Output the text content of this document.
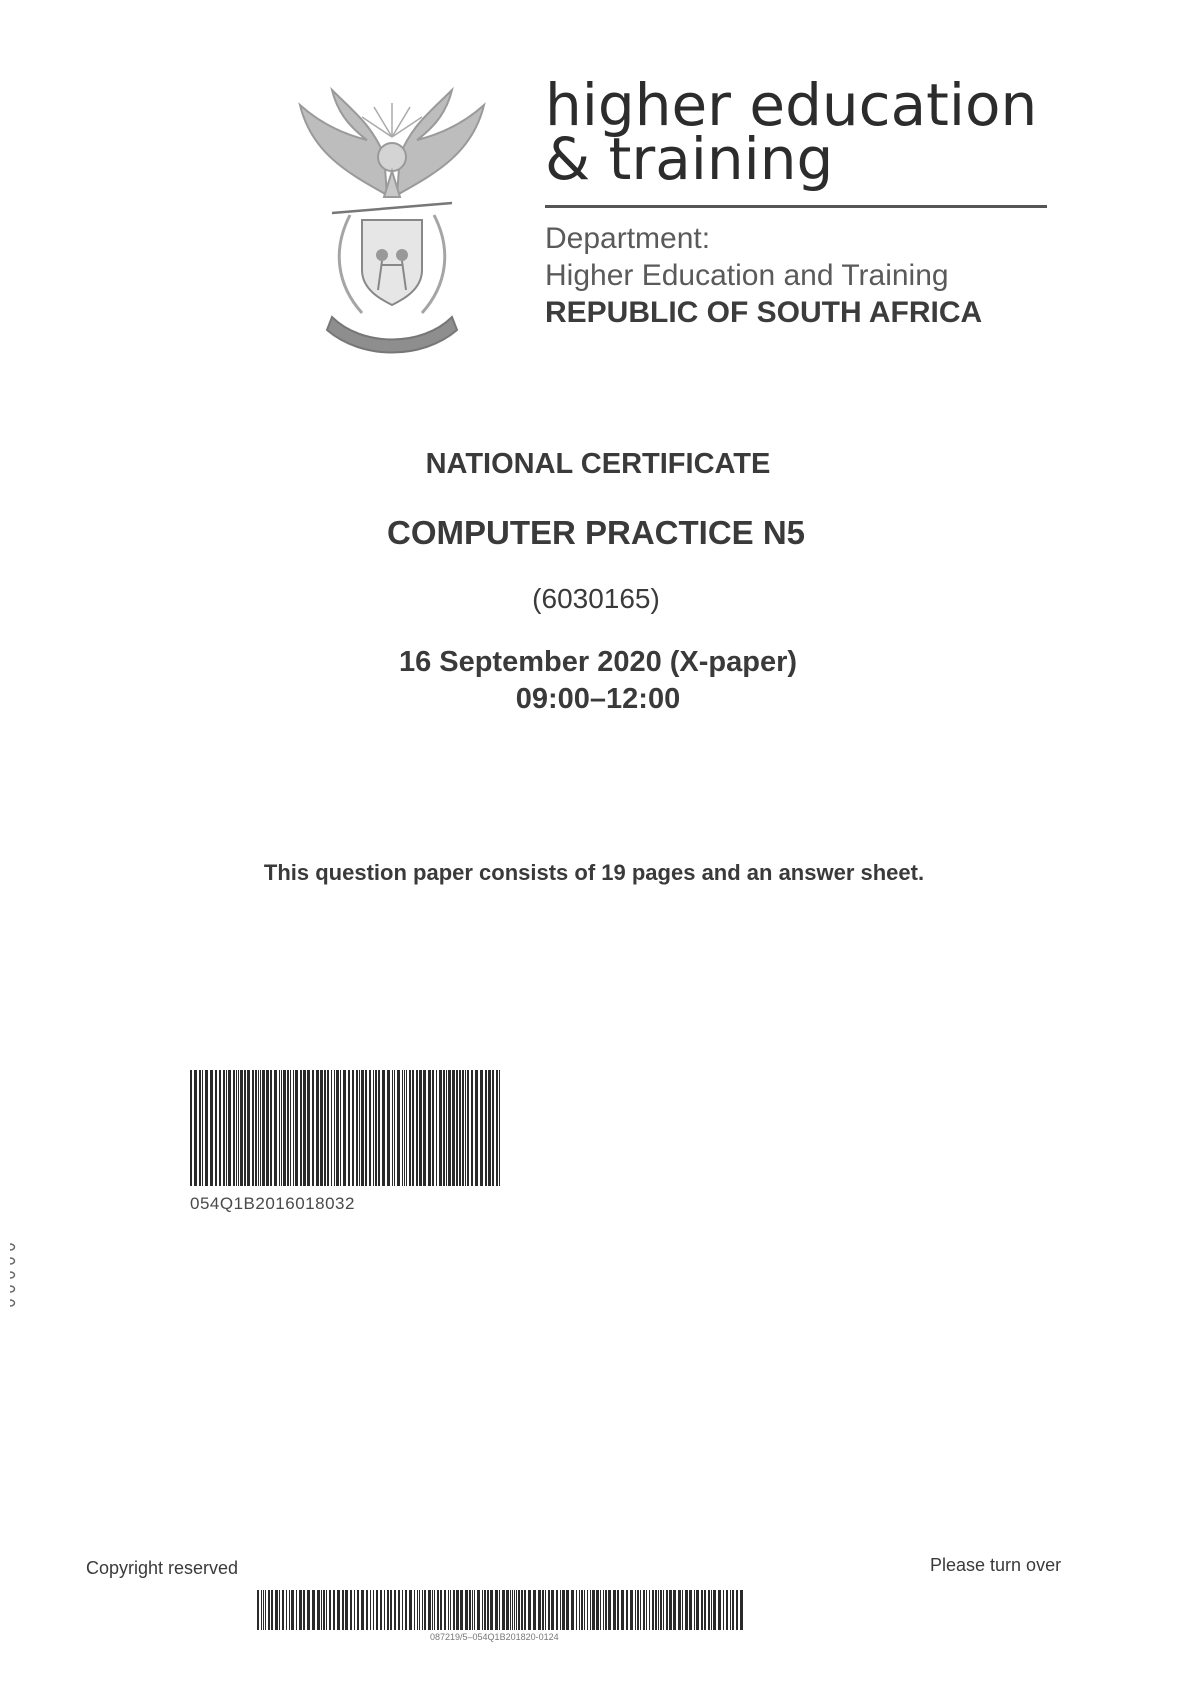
higher education
& training
Department:
Higher Education and Training
REPUBLIC OF SOUTH AFRICA
NATIONAL CERTIFICATE
COMPUTER PRACTICE N5
(6030165)
16 September 2020 (X-paper)
09:00–12:00
This question paper consists of 19 pages and an answer sheet.
054Q1B2016018032
Copyright reserved	Please turn over
087219/5–054Q1B201820-0124
